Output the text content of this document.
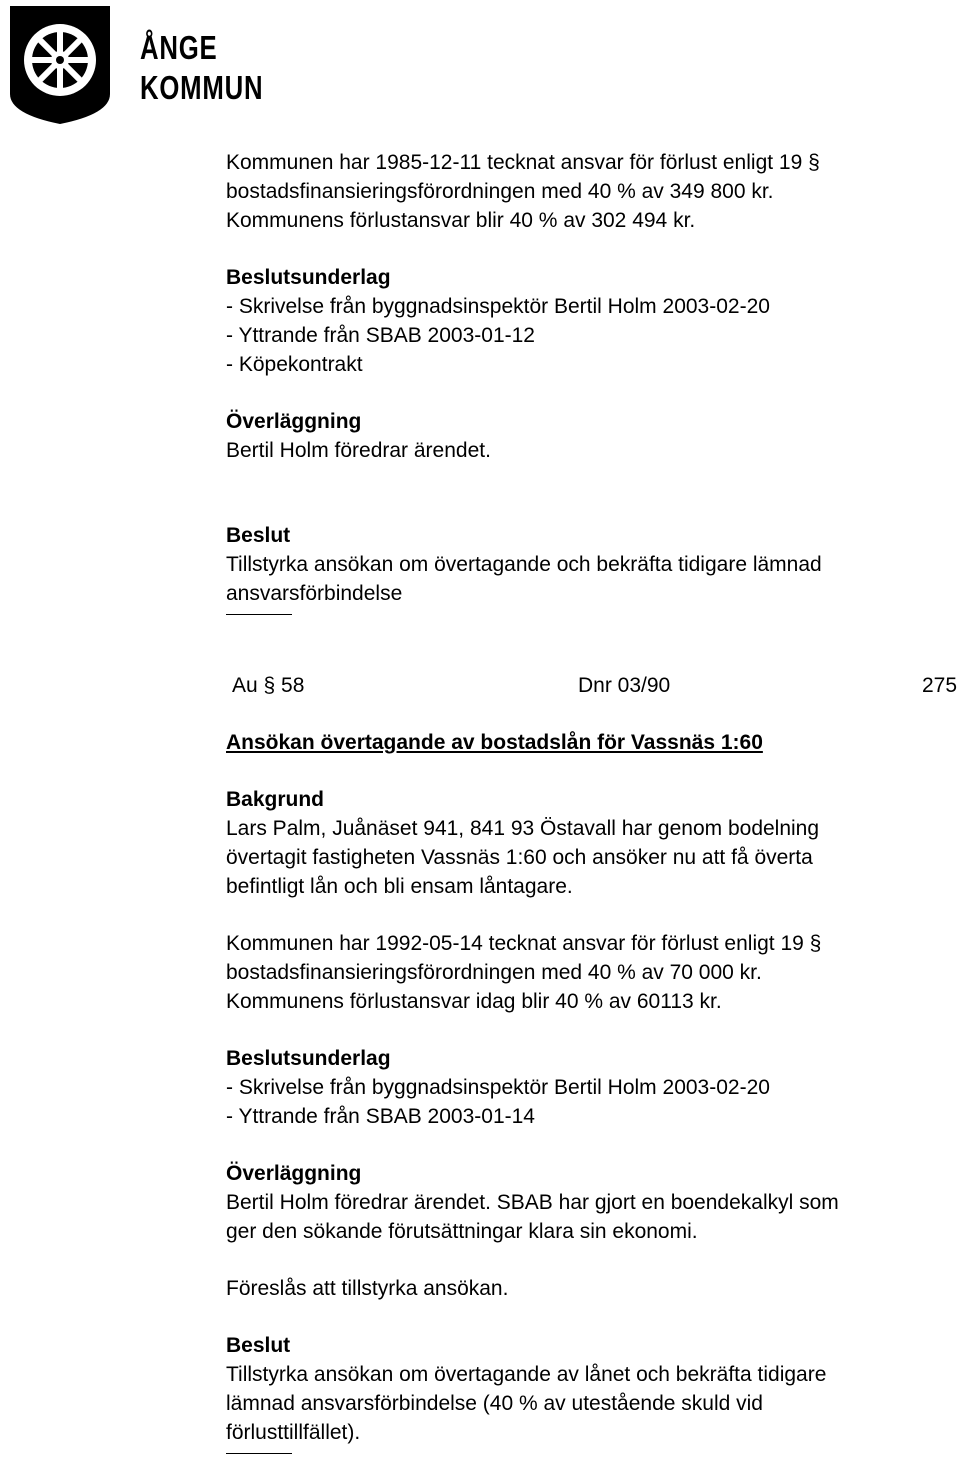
ÅNGE
KOMMUN

Kommunen har 1985-12-11 tecknat ansvar för förlust enligt 19 §
bostadsfinansieringsförordningen med 40 % av 349 800 kr.
Kommunens förlustansvar blir 40 % av 302 494 kr.

Beslutsunderlag

- Skrivelse från byggnadsinspektör Bertil Holm 2003-02-20

- Yttrande från SBAB 2003-01-12

- Köpekontrakt

Överläggning

Bertil Holm föredrar ärendet.

Beslut

Tillstyrka ansökan om övertagande och bekräfta tidigare lämnad
ansvarsförbindelse

Au § 58	Dnr 03/90	275

Ansökan övertagande av bostadslån för Vassnäs 1:60

Bakgrund

Lars Palm, Juånäset 941, 841 93 Östavall har genom bodelning
övertagit fastigheten Vassnäs 1:60 och ansöker nu att få överta
befintligt lån och bli ensam låntagare.

Kommunen har 1992-05-14 tecknat ansvar för förlust enligt 19 §
bostadsfinansieringsförordningen med 40 % av 70 000 kr.
Kommunens förlustansvar idag blir 40 % av 60113 kr.

Beslutsunderlag

- Skrivelse från byggnadsinspektör Bertil Holm 2003-02-20

- Yttrande från SBAB 2003-01-14

Överläggning

Bertil Holm föredrar ärendet. SBAB har gjort en boendekalkyl som
ger den sökande förutsättningar klara sin ekonomi.

Föreslås att tillstyrka ansökan.

Beslut

Tillstyrka ansökan om övertagande av lånet och bekräfta tidigare
lämnad ansvarsförbindelse (40 % av utestående skuld vid
förlusttillfället).
